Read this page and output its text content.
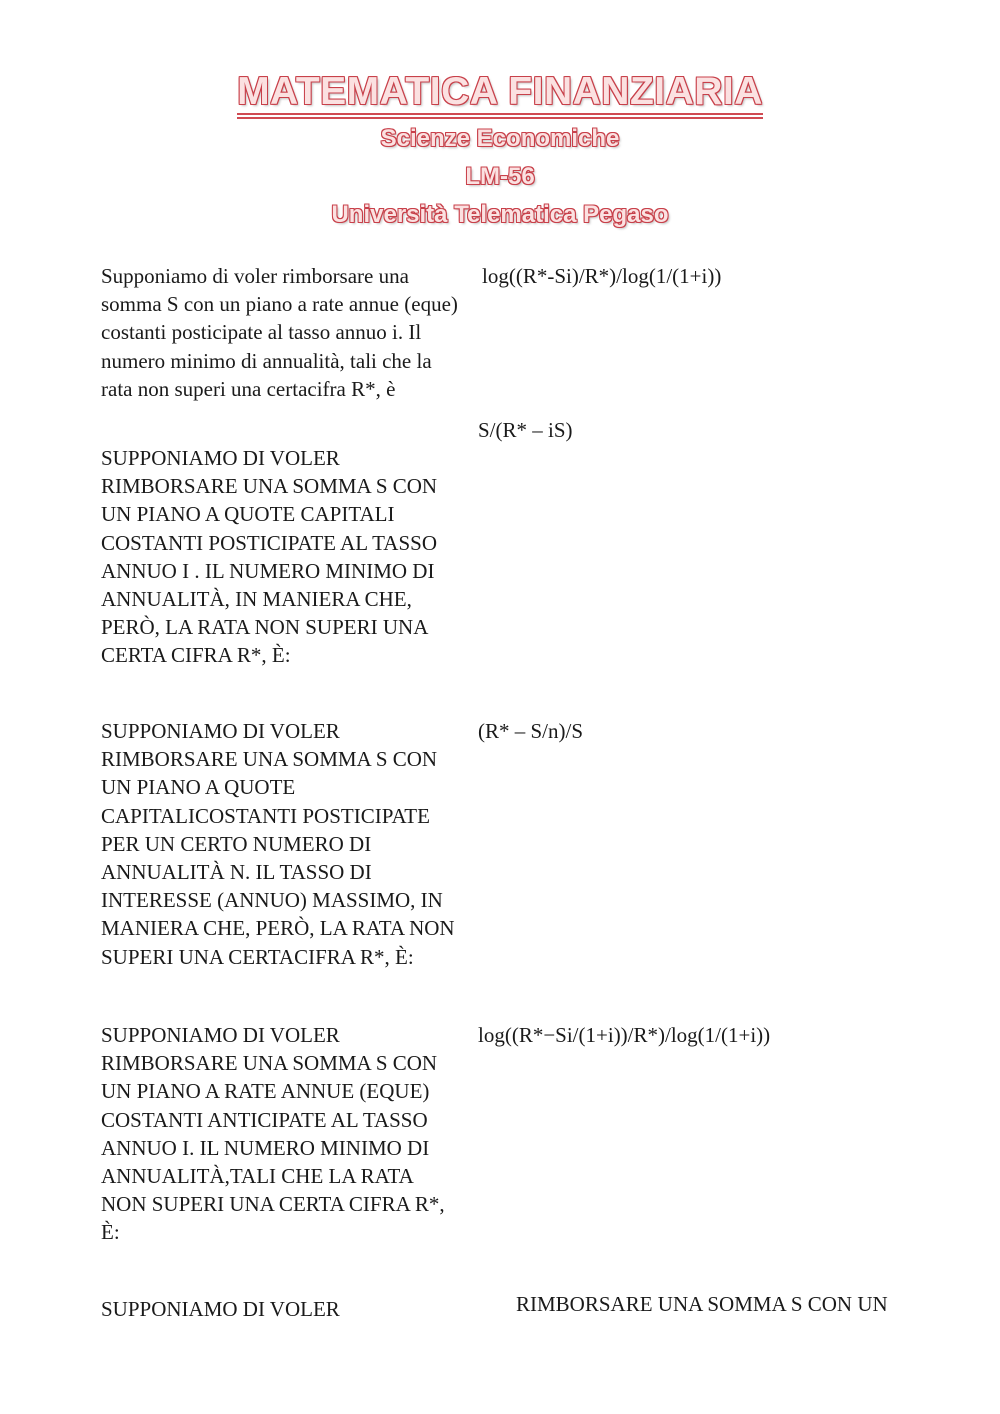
MATEMATICA FINANZIARIA
Scienze Economiche
LM-56
Università Telematica Pegaso
Supponiamo di voler rimborsare una somma S con un piano a rate annue (eque) costanti posticipate al tasso annuo i. Il numero minimo di annualità, tali che la rata non superi una certacifra R*, è
log((R*-Si)/R*)/log(1/(1+i))
SUPPONIAMO DI VOLER RIMBORSARE UNA SOMMA S CON UN PIANO A QUOTE CAPITALI COSTANTI POSTICIPATE AL TASSO ANNUO I . IL NUMERO MINIMO DI ANNUALITÀ, IN MANIERA CHE, PERÒ, LA RATA NON SUPERI UNA CERTA CIFRA R*, È:
S/(R* – iS)
SUPPONIAMO DI VOLER RIMBORSARE UNA SOMMA S CON UN PIANO A QUOTE CAPITALICOSTANTI POSTICIPATE PER UN CERTO NUMERO DI ANNUALITÀ N. IL TASSO DI INTERESSE (ANNUO) MASSIMO, IN MANIERA CHE, PERÒ, LA RATA NON SUPERI UNA CERTACIFRA R*, È:
(R* – S/n)/S
SUPPONIAMO DI VOLER RIMBORSARE UNA SOMMA S CON UN PIANO A RATE ANNUE (EQUE) COSTANTI ANTICIPATE AL TASSO ANNUO I. IL NUMERO MINIMO DI ANNUALITÀ,TALI CHE LA RATA NON SUPERI UNA CERTA CIFRA R*, È:
log((R*−Si/(1+i))/R*)/log(1/(1+i))
SUPPONIAMO DI VOLER	RIMBORSARE UNA SOMMA S CON UN
